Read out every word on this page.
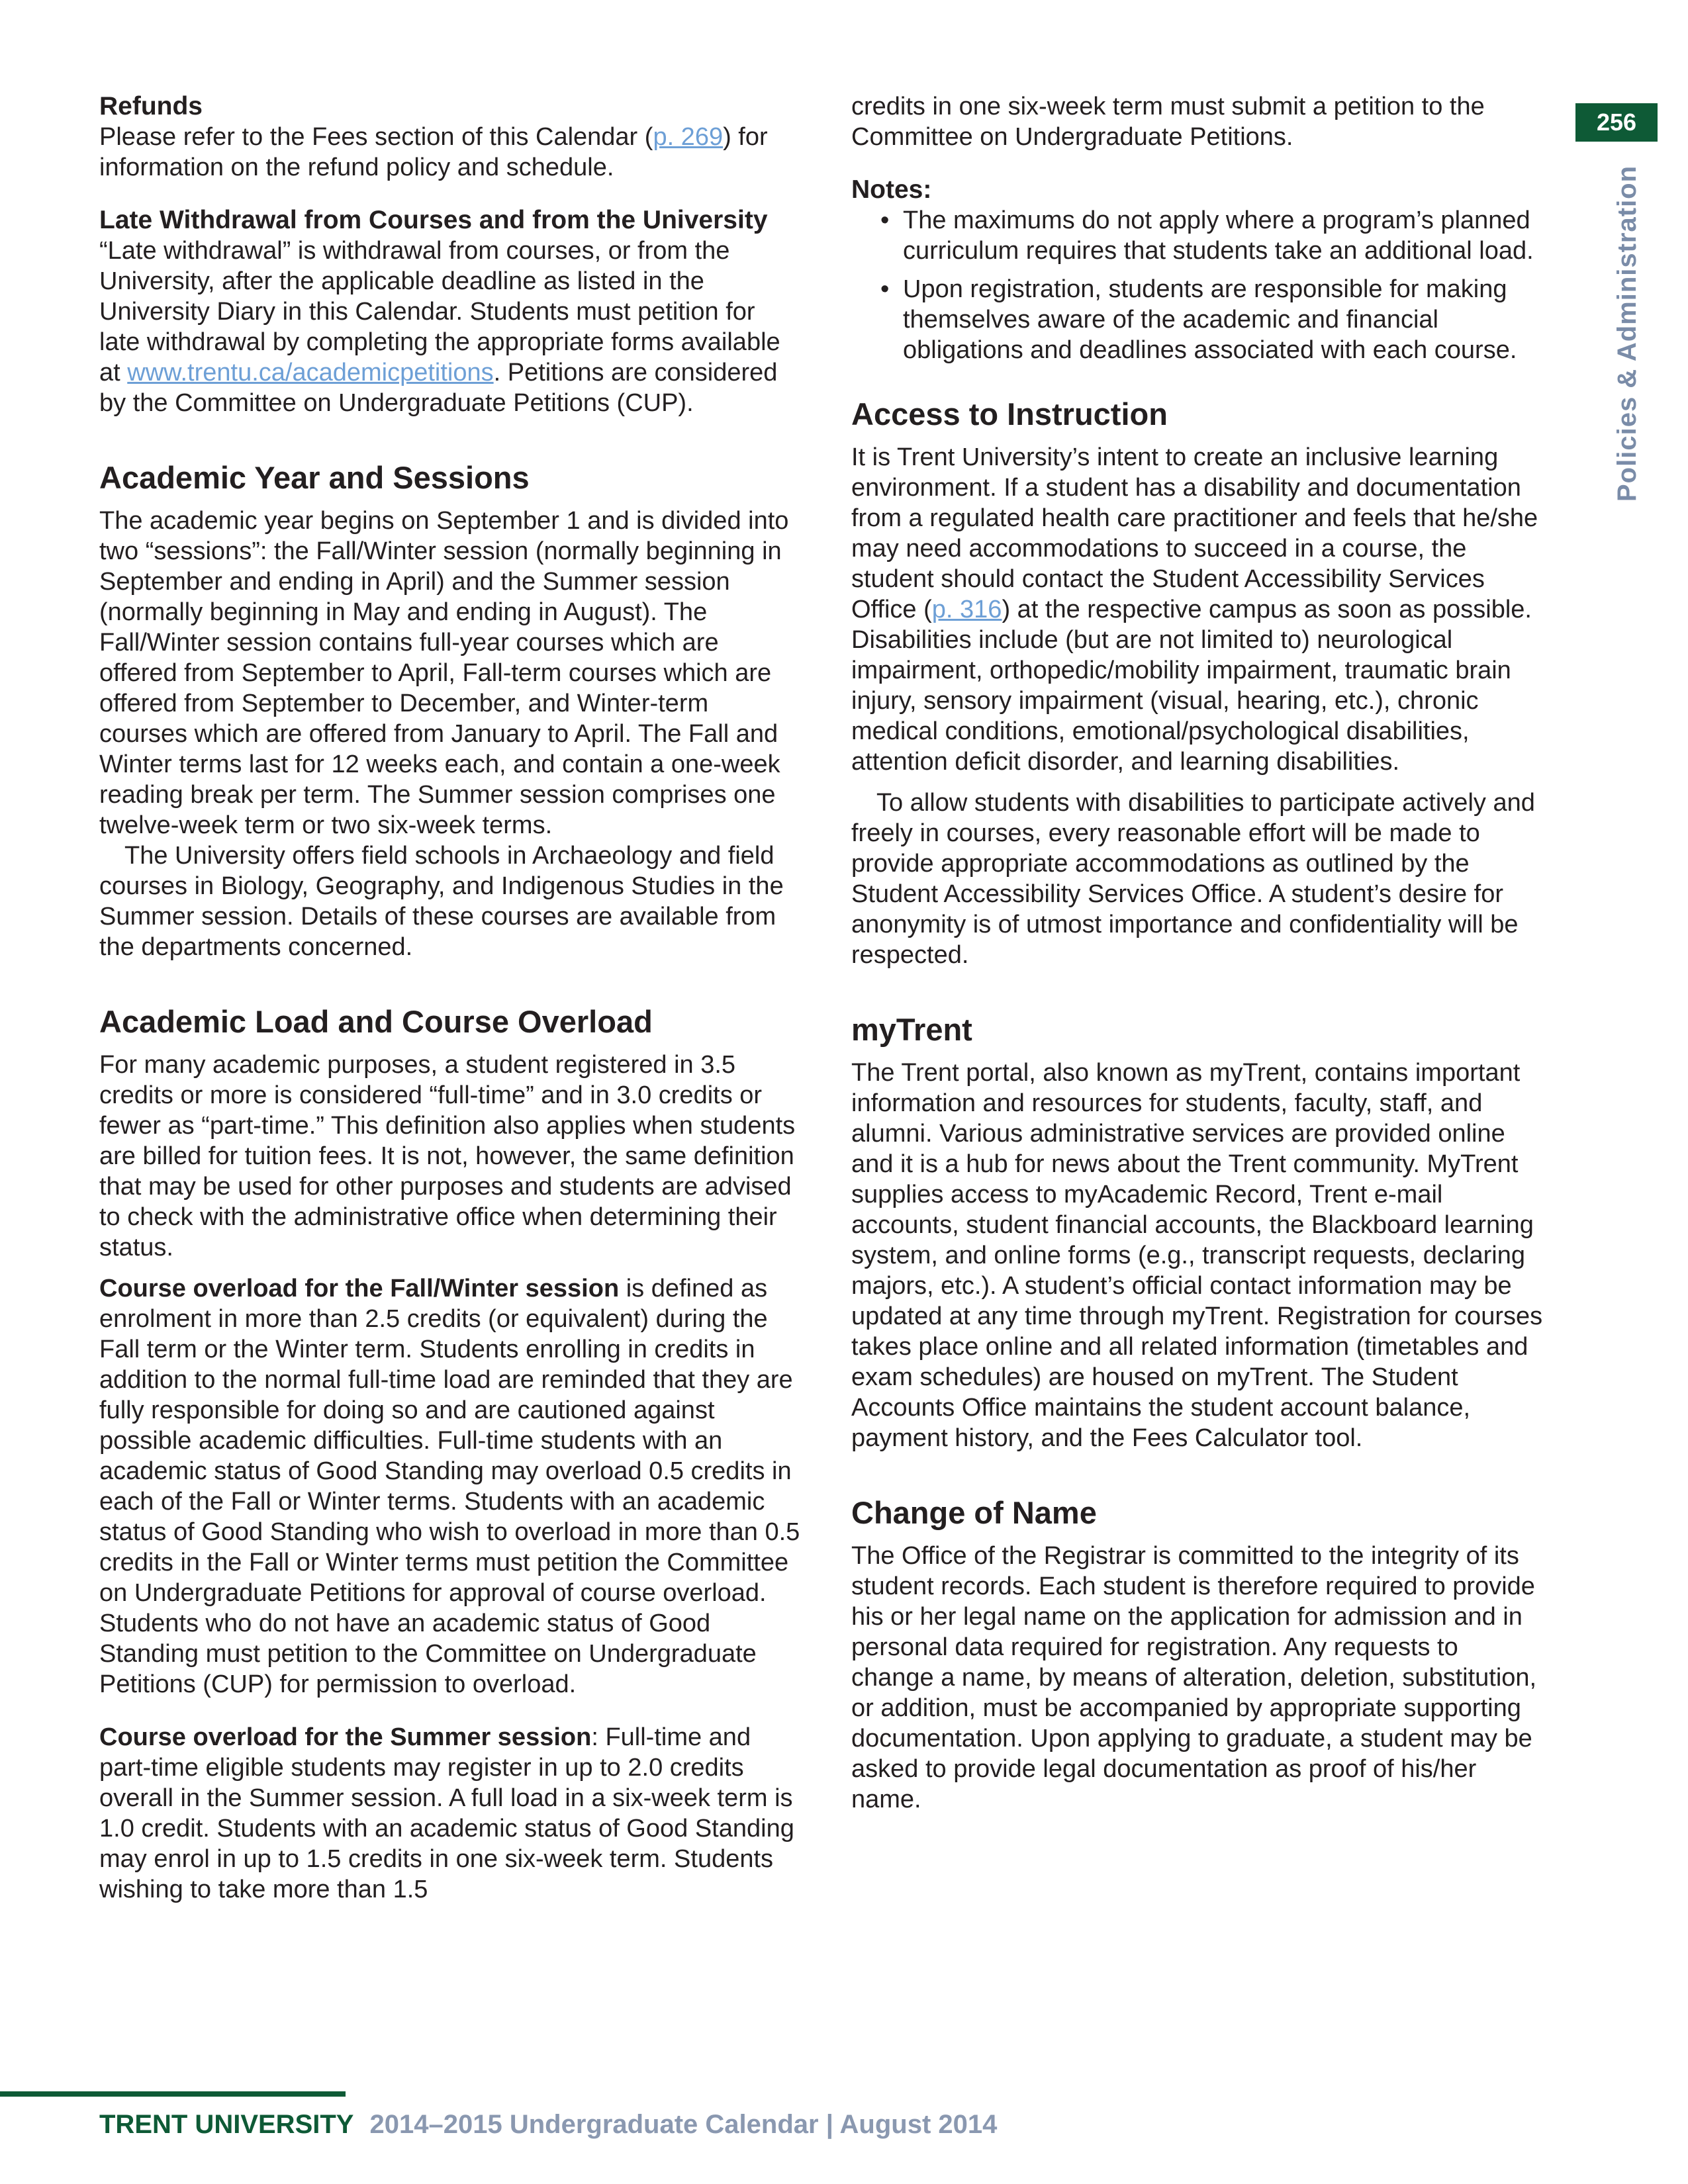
256
Policies & Administration
Refunds

Please refer to the Fees section of this Calendar (p. 269) for information on the refund policy and schedule.

Late Withdrawal from Courses and from the University

“Late withdrawal” is withdrawal from courses, or from the University, after the applicable deadline as listed in the University Diary in this Calendar. Students must petition for late withdrawal by completing the appropriate forms available at www.trentu.ca/academicpetitions. Petitions are considered by the Committee on Undergraduate Petitions (CUP).

Academic Year and Sessions

The academic year begins on September 1 and is divided into two “sessions”: the Fall/Winter session (normally beginning in September and ending in April) and the Summer session (normally beginning in May and ending in August). The Fall/Winter session contains full-year courses which are offered from September to April, Fall-term courses which are offered from September to December, and Winter-term courses which are offered from January to April. The Fall and Winter terms last for 12 weeks each, and contain a one-week reading break per term. The Summer session comprises one twelve-week term or two six-week terms.

The University offers field schools in Archaeology and field courses in Biology, Geography, and Indigenous Studies in the Summer session. Details of these courses are available from the departments concerned.

Academic Load and Course Overload

For many academic purposes, a student registered in 3.5 credits or more is considered “full-time” and in 3.0 credits or fewer as “part-time.” This definition also applies when students are billed for tuition fees. It is not, however, the same definition that may be used for other purposes and students are advised to check with the administrative office when determining their status.

Course overload for the Fall/Winter session is defined as enrolment in more than 2.5 credits (or equivalent) during the Fall term or the Winter term. Students enrolling in credits in addition to the normal full-time load are reminded that they are fully responsible for doing so and are cautioned against possible academic difficulties. Full-time students with an academic status of Good Standing may overload 0.5 credits in each of the Fall or Winter terms. Students with an academic status of Good Standing who wish to overload in more than 0.5 credits in the Fall or Winter terms must petition the Committee on Undergraduate Petitions for approval of course overload. Students who do not have an academic status of Good Standing must petition to the Committee on Undergraduate Petitions (CUP) for permission to overload.

Course overload for the Summer session: Full-time and part-time eligible students may register in up to 2.0 credits overall in the Summer session. A full load in a six-week term is 1.0 credit. Students with an academic status of Good Standing may enrol in up to 1.5 credits in one six-week term. Students wishing to take more than 1.5

credits in one six-week term must submit a petition to the Committee on Undergraduate Petitions.

Notes:
• The maximums do not apply where a program’s planned curriculum requires that students take an additional load.
• Upon registration, students are responsible for making themselves aware of the academic and financial obligations and deadlines associated with each course.
Access to Instruction

It is Trent University’s intent to create an inclusive learning environment. If a student has a disability and documentation from a regulated health care practitioner and feels that he/she may need accommodations to succeed in a course, the student should contact the Student Accessibility Services Office (p. 316) at the respective campus as soon as possible. Disabilities include (but are not limited to) neurological impairment, orthopedic/mobility impairment, traumatic brain injury, sensory impairment (visual, hearing, etc.), chronic medical conditions, emotional/psychological disabilities, attention deficit disorder, and learning disabilities.

To allow students with disabilities to participate actively and freely in courses, every reasonable effort will be made to provide appropriate accommodations as outlined by the Student Accessibility Services Office. A student’s desire for anonymity is of utmost importance and confidentiality will be respected.

myTrent

The Trent portal, also known as myTrent, contains important information and resources for students, faculty, staff, and alumni. Various administrative services are provided online and it is a hub for news about the Trent community. MyTrent supplies access to myAcademic Record, Trent e-mail accounts, student financial accounts, the Blackboard learning system, and online forms (e.g., transcript requests, declaring majors, etc.). A student’s official contact information may be updated at any time through myTrent. Registration for courses takes place online and all related information (timetables and exam schedules) are housed on myTrent. The Student Accounts Office maintains the student account balance, payment history, and the Fees Calculator tool.

Change of Name

The Office of the Registrar is committed to the integrity of its student records. Each student is therefore required to provide his or her legal name on the application for admission and in personal data required for registration. Any requests to change a name, by means of alteration, deletion, substitution, or addition, must be accompanied by appropriate supporting documentation. Upon applying to graduate, a student may be asked to provide legal documentation as proof of his/her name.

TRENT UNIVERSITY 2014–2015 Undergraduate Calendar | August 2014
